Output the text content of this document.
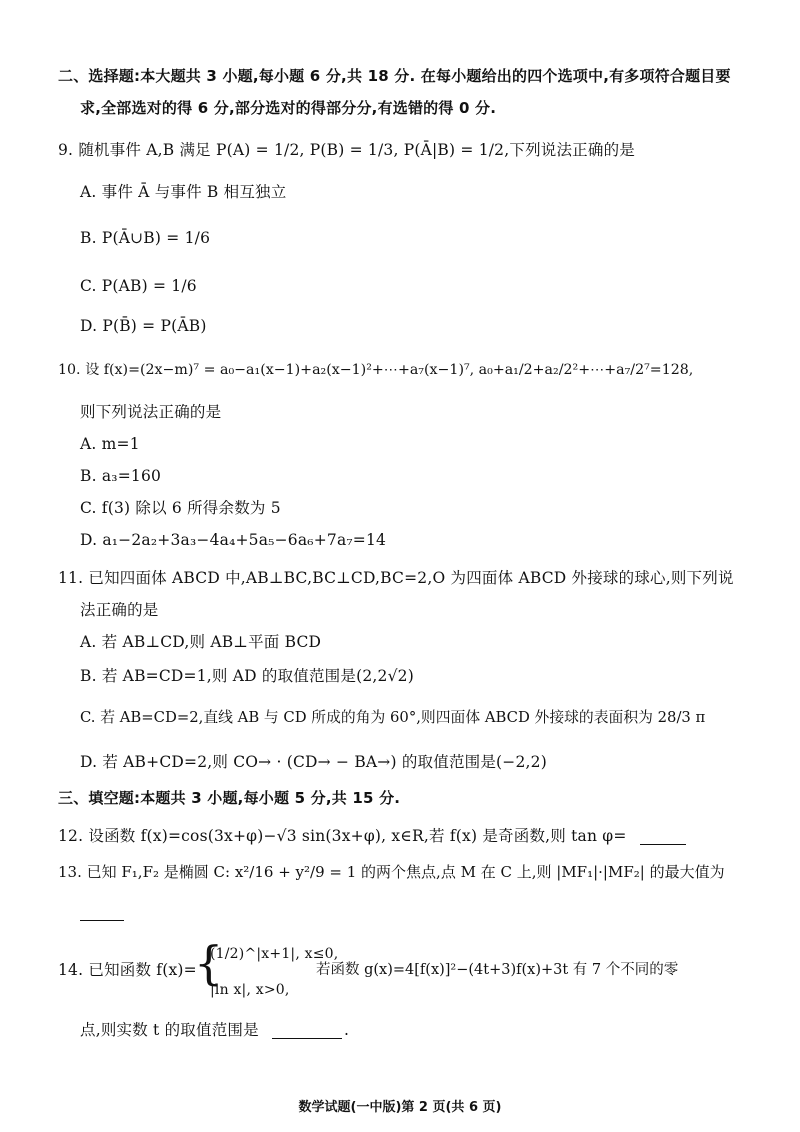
二、选择题:本大题共 3 小题,每小题 6 分,共 18 分. 在每小题给出的四个选项中,有多项符合题目要
求,全部选对的得 6 分,部分选对的得部分分,有选错的得 0 分.
9. 随机事件 A,B 满足 P(A) = 1/2, P(B) = 1/3, P(Ā|B) = 1/2,下列说法正确的是
A. 事件 Ā 与事件 B 相互独立
B. P(Ā∪B) = 1/6
C. P(AB) = 1/6
D. P(B̄) = P(ĀB)
10. 设 f(x)=(2x−m)⁷ = a₀−a₁(x−1)+a₂(x−1)²+⋯+a₇(x−1)⁷, a₀+a₁/2+a₂/2²+⋯+a₇/2⁷=128,
则下列说法正确的是
A. m=1
B. a₃=160
C. f(3) 除以 6 所得余数为 5
D. a₁−2a₂+3a₃−4a₄+5a₅−6a₆+7a₇=14
11. 已知四面体 ABCD 中,AB⊥BC,BC⊥CD,BC=2,O 为四面体 ABCD 外接球的球心,则下列说
法正确的是
A. 若 AB⊥CD,则 AB⊥平面 BCD
B. 若 AB=CD=1,则 AD 的取值范围是(2,2√2)
C. 若 AB=CD=2,直线 AB 与 CD 所成的角为 60°,则四面体 ABCD 外接球的表面积为 28/3 π
D. 若 AB+CD=2,则 CO→ · (CD→ − BA→) 的取值范围是(−2,2)
三、填空题:本题共 3 小题,每小题 5 分,共 15 分.
12. 设函数 f(x)=cos(3x+φ)−√3 sin(3x+φ), x∈R,若 f(x) 是奇函数,则 tan φ=
13. 已知 F₁,F₂ 是椭圆 C: x²/16 + y²/9 = 1 的两个焦点,点 M 在 C 上,则 |MF₁|·|MF₂| 的最大值为
14. 已知函数 f(x)=
{
(1/2)^|x+1|, x≤0,
|ln x|, x>0,
若函数 g(x)=4[f(x)]²−(4t+3)f(x)+3t 有 7 个不同的零
点,则实数 t 的取值范围是	.
数学试题(一中版)第 2 页(共 6 页)
